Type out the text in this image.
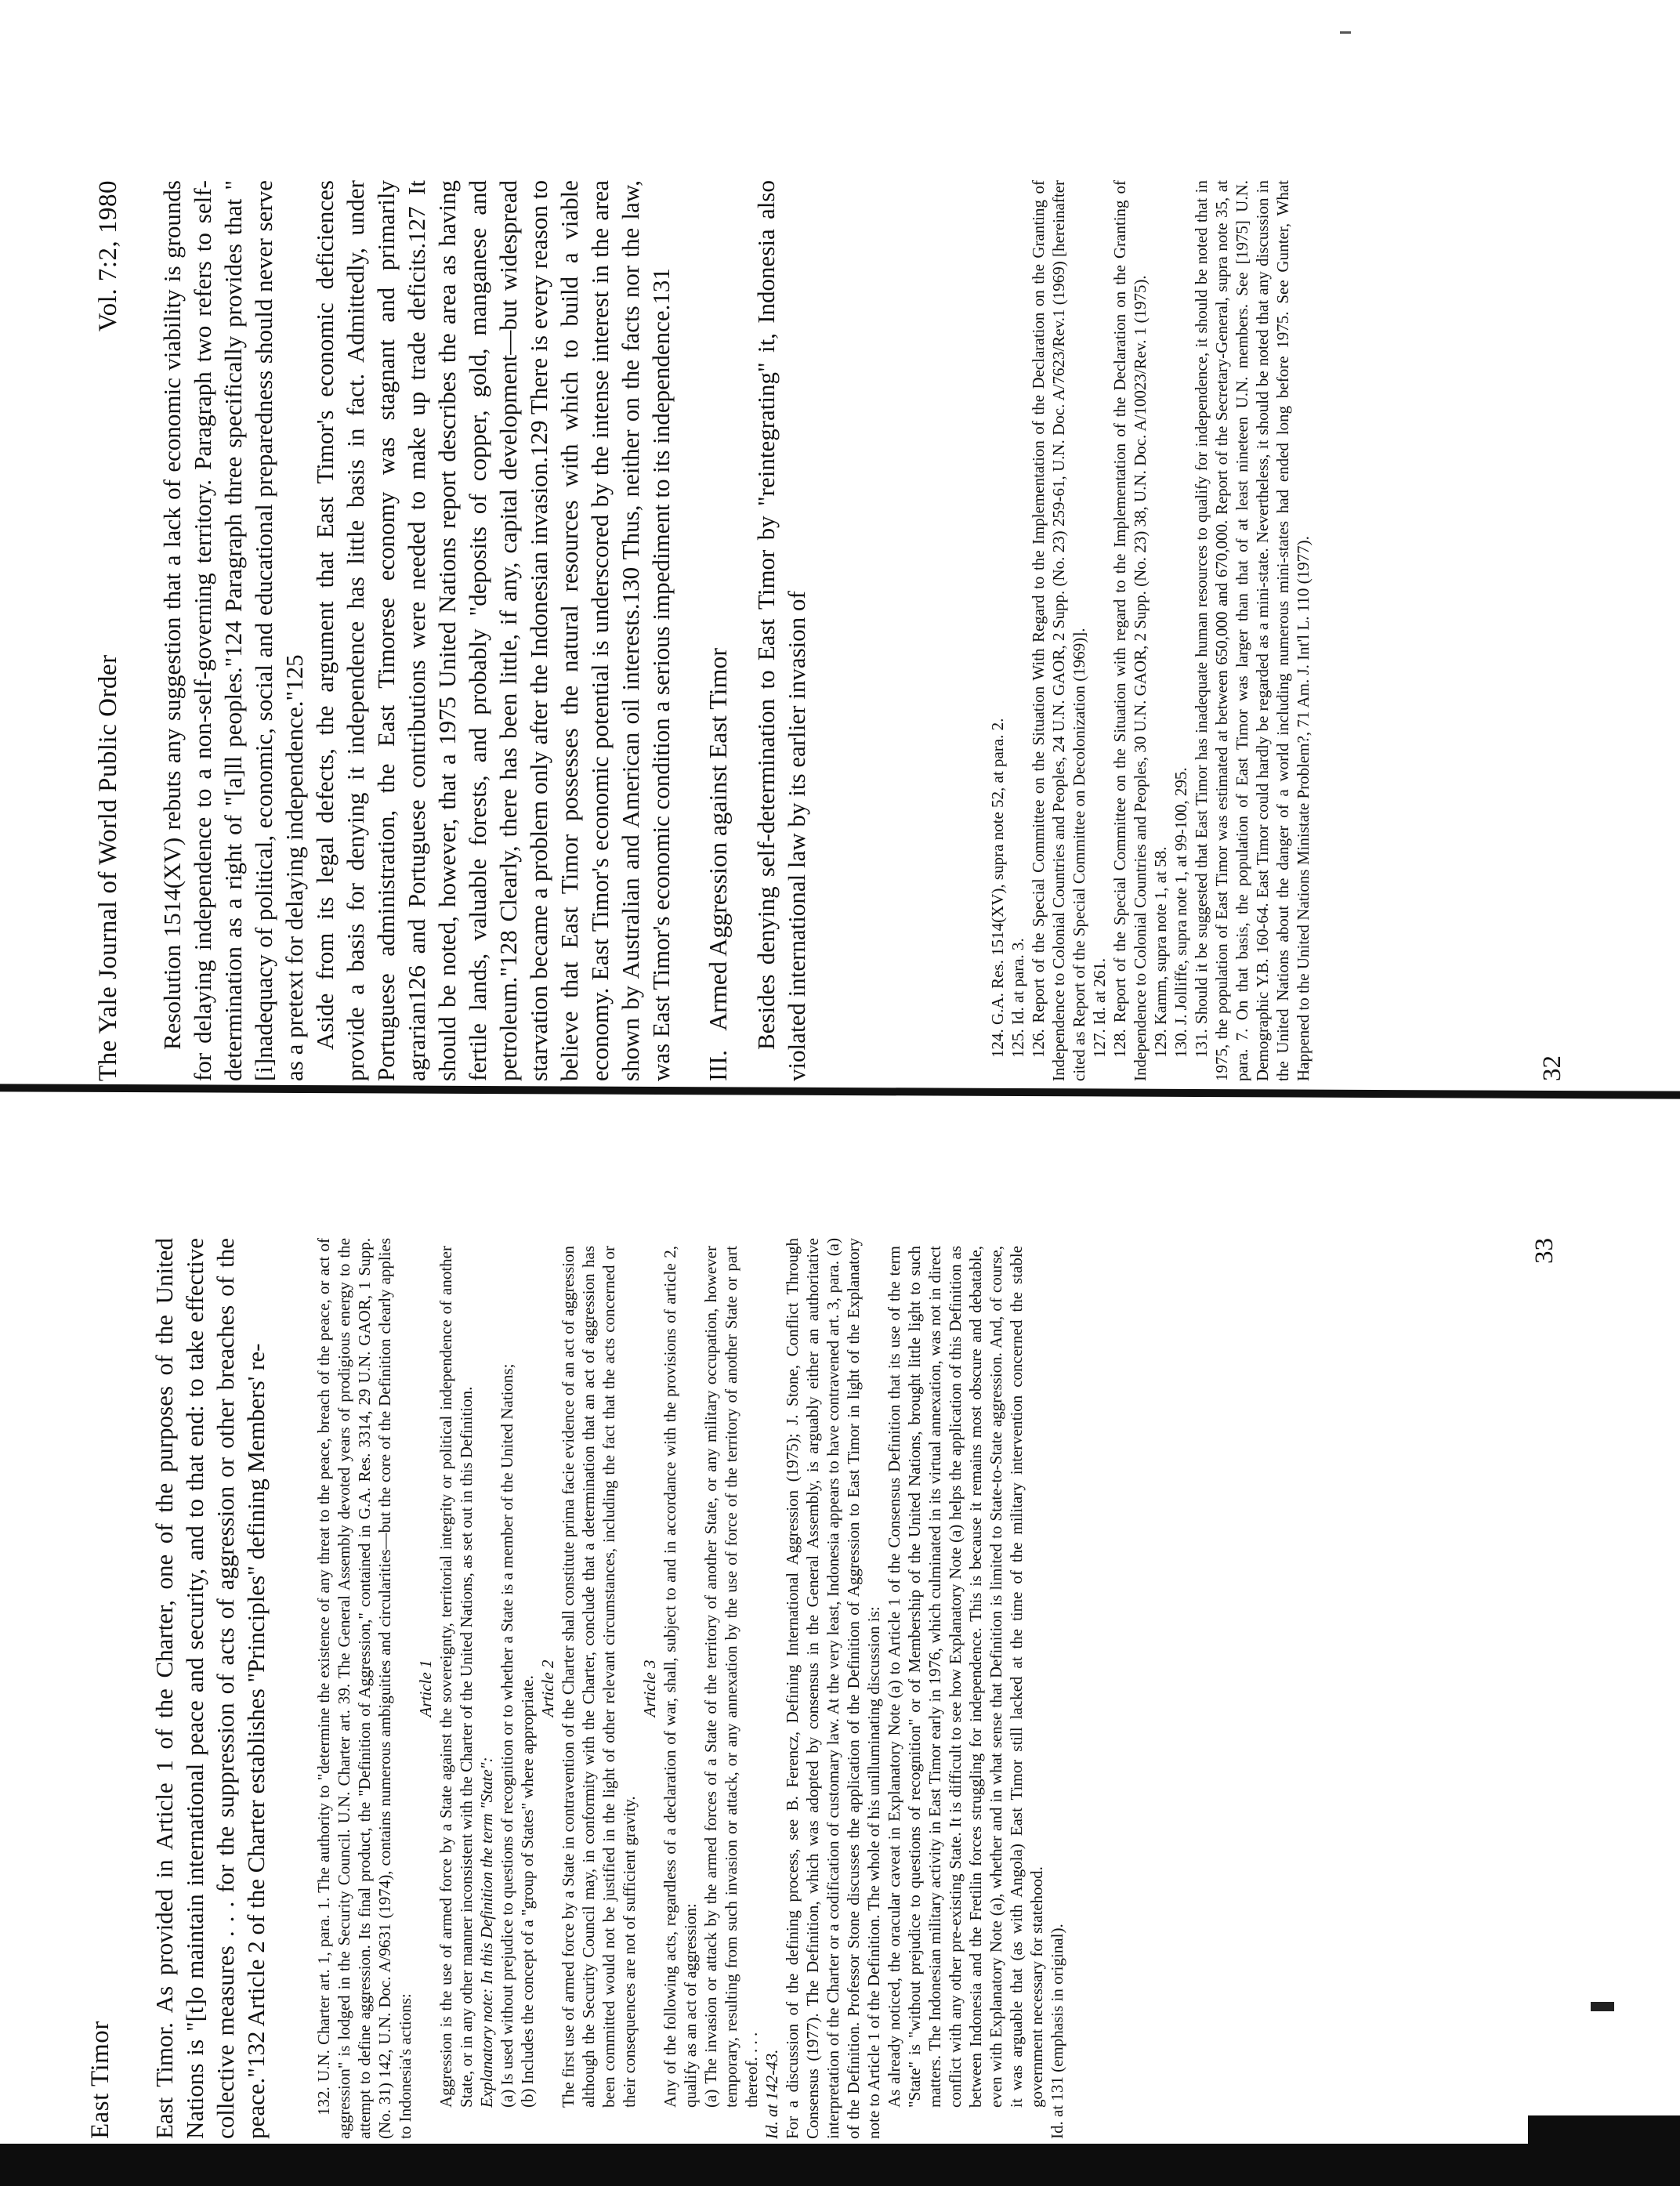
The Yale Journal of World Public Order
Vol. 7:2, 1980 Resolution 1514(XV) rebuts any suggestion that a lack of economic viability is grounds for delaying independence to a non-self-governing territory. Paragraph two refers to self-determination as a right of "[a]ll peoples."124 Paragraph three specifically provides that "[i]nadequacy of political, economic, social and educational preparedness should never serve as a pretext for delaying independence."125 Aside from its legal defects, the argument that East Timor's economic deficiences provide a basis for denying it independence has little basis in fact. Admittedly, under Portuguese administration, the East Timorese economy was stagnant and primarily agrarian126 and Portuguese contributions were needed to make up trade deficits.127 It should be noted, however, that a 1975 United Nations report describes the area as having fertile lands, valuable forests, and probably "deposits of copper, gold, manganese and petroleum."128 Clearly, there has been little, if any, capital development—but widespread starvation became a problem only after the Indonesian invasion.129 There is every reason to believe that East Timor possesses the natural resources with which to build a viable economy. East Timor's economic potential is underscored by the intense interest in the area shown by Australian and American oil interests.130 Thus, neither on the facts nor the law, was East Timor's economic condition a serious impediment to its independence.131 III. Armed Aggression against East Timor Besides denying self-determination to East Timor by "reintegrating" it, Indonesia also violated international law by its earlier invasion of	124. G.A. Res. 1514(XV), supra note 52, at para. 2. 125. Id. at para. 3. 126. Report of the Special Committee on the Situation With Regard to the Implementation of the Declaration on the Granting of Independence to Colonial Countries and Peoples, 24 U.N. GAOR, 2 Supp. (No. 23) 259-61, U.N. Doc. A/7623/Rev.1 (1969) [hereinafter cited as Report of the Special Committee on Decolonization (1969)]. 127. Id. at 261. 128. Report of the Special Committee on the Situation with regard to the Implementation of the Declaration on the Granting of Independence to Colonial Countries and Peoples, 30 U.N. GAOR, 2 Supp. (No. 23) 38, U.N. Doc. A/10023/Rev. 1 (1975). 129. Kamm, supra note 1, at 58. 130. J. Jolliffe, supra note 1, at 99-100, 295. 131. Should it be suggested that East Timor has inadequate human resources to qualify for independence, it should be noted that in 1975, the population of East Timor was estimated at between 650,000 and 670,000. Report of the Secretary-General, supra note 35, at para. 7. On that basis, the population of East Timor was larger than that of at least nineteen U.N. members. See [1975] U.N. Demographic Y.B. 160-64. East Timor could hardly be regarded as a mini-state. Nevertheless, it should be noted that any discussion in the United Nations about the danger of a world including numerous mini-states had ended long before 1975. See Gunter, What Happened to the United Nations Ministate Problem?, 71 Am. J. Int'l L. 110 (1977).	32
East Timor East Timor. As provided in Article 1 of the Charter, one of the purposes of the United Nations is "[t]o maintain international peace and security, and to that end: to take effective collective measures . . . for the suppression of acts of aggression or other breaches of the peace."132 Article 2 of the Charter establishes "Principles" defining Members' re-	132. U.N. Charter art. 1, para. 1. The authority to "determine the existence of any threat to the peace, breach of the peace, or act of aggression" is lodged in the Security Council. U.N. Charter art. 39. The General Assembly devoted years of prodigious energy to the attempt to define aggression. Its final product, the "Definition of Aggression," contained in G.A. Res. 3314, 29 U.N. GAOR, 1 Supp. (No. 31) 142, U.N. Doc. A/9631 (1974), contains numerous ambiguities and circularities—but the core of the Definition clearly applies to Indonesia's actions:

Article 1 Aggression is the use of armed force by a State against the sovereignty, territorial integrity or political independence of another State, or in any other manner inconsistent with the Charter of the United Nations, as set out in this Definition. Explanatory note: In this Definition the term "State": (a) Is used without prejudice to questions of recognition or to whether a State is a member of the United Nations; (b) Includes the concept of a "group of States" where appropriate. Article 2 The first use of armed force by a State in contravention of the Charter shall constitute prima facie evidence of an act of aggression although the Security Council may, in conformity with the Charter, conclude that a determination that an act of aggression has been committed would not be justified in the light of other relevant circumstances, including the fact that the acts concerned or their consequences are not of sufficient gravity.

Article 3 Any of the following acts, regardless of a declaration of war, shall, subject to and in accordance with the provisions of article 2, qualify as an act of aggression: (a) The invasion or attack by the armed forces of a State of the territory of another State, or any military occupation, however temporary, resulting from such invasion or attack, or any annexation by the use of force of the territory of another State or part thereof. . . . Id. at 142-43. For a discussion of the defining process, see B. Ferencz, Defining International Aggression (1975); J. Stone, Conflict Through Consensus (1977). The Definition, which was adopted by consensus in the General Assembly, is arguably either an authoritative interpretation of the Charter or a codification of customary law. At the very least, Indonesia appears to have contravened art. 3, para. (a) of the Definition. Professor Stone discusses the application of the Definition of Aggression to East Timor in light of the Explanatory note to Article 1 of the Definition. The whole of his unilluminating discussion is: As already noticed, the oracular caveat in Explanatory Note (a) to Article 1 of the Consensus Definition that its use of the term "State" is "without prejudice to questions of recognition" or of Membership of the United Nations, brought little light to such matters. The Indonesian military activity in East Timor early in 1976, which culminated in its virtual annexation, was not in direct conflict with any other pre-existing State. It is difficult to see how Explanatory Note (a) helps the application of this Definition as between Indonesia and the Fretilin forces struggling for independence. This is because it remains most obscure and debatable, even with Explanatory Note (a), whether and in what sense that Definition is limited to State-to-State aggression. And, of course, it was arguable that (as with Angola) East Timor still lacked at the time of the military intervention concerned the stable government necessary for statehood. Id. at 131 (emphasis in original).

33
